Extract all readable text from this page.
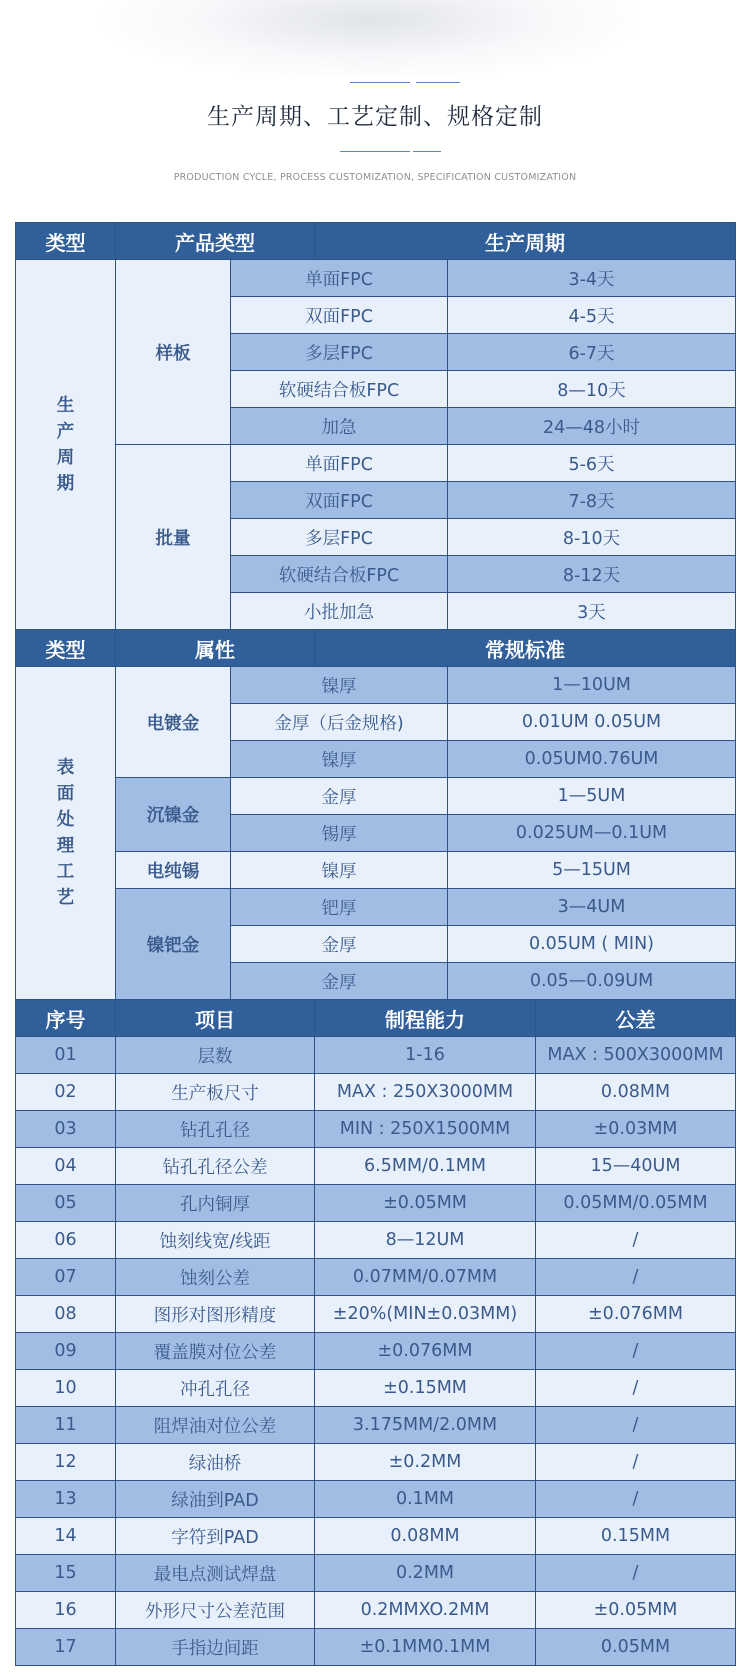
生产周期、工艺定制、规格定制
PRODUCTION CYCLE, PROCESS CUSTOMIZATION, SPECIFICATION CUSTOMIZATION
类型	产品类型		生产周期		
生产周期	样板	单面FPC		3-4天	
		双面FPC		4-5天	
		多层FPC		6-7天	
		软硬结合板FPC		8—10天	
		加急		24—48小时	
	批量	单面FPC		5-6天	
		双面FPC		7-8天	
		多层FPC		8-10天	
		软硬结合板FPC		8-12天	
		小批加急		3天	
类型	属性		常规标准		
表面处理工艺	电镀金	镍厚		1—10UM	
		金厚（后金规格)		0.01UM 0.05UM	
		镍厚		0.05UM0.76UM	
	沉镍金	金厚		1—5UM	
		锡厚		0.025UM—0.1UM	
	电纯锡	镍厚		5—15UM	
	镍钯金	钯厚		3—4UM	
		金厚		0.05UM ( MIN)	
		金厚		0.05—0.09UM	
序号	项目		制程能力		公差
01	层数		1-16		MAX : 500X3000MM
02	生产板尺寸		MAX : 250X3000MM		0.08MM
03	钻孔孔径		MIN : 250X1500MM		±0.03MM
04	钻孔孔径公差		6.5MM/0.1MM		15—40UM
05	孔内铜厚		±0.05MM		0.05MM/0.05MM
06	蚀刻线宽/线距		8—12UM		/
07	蚀刻公差		0.07MM/0.07MM		/
08	图形对图形精度		±20%(MIN±0.03MM)		±0.076MM
09	覆盖膜对位公差		±0.076MM		/
10	冲孔孔径		±0.15MM		/
11	阻焊油对位公差		3.175MM/2.0MM		/
12	绿油桥		±0.2MM		/
13	绿油到PAD		0.1MM		/
14	字符到PAD		0.08MM		0.15MM
15	最电点测试焊盘		0.2MM		/
16	外形尺寸公差范围		0.2MMXO.2MM		±0.05MM
17	手指边间距		±0.1MM0.1MM		0.05MM
